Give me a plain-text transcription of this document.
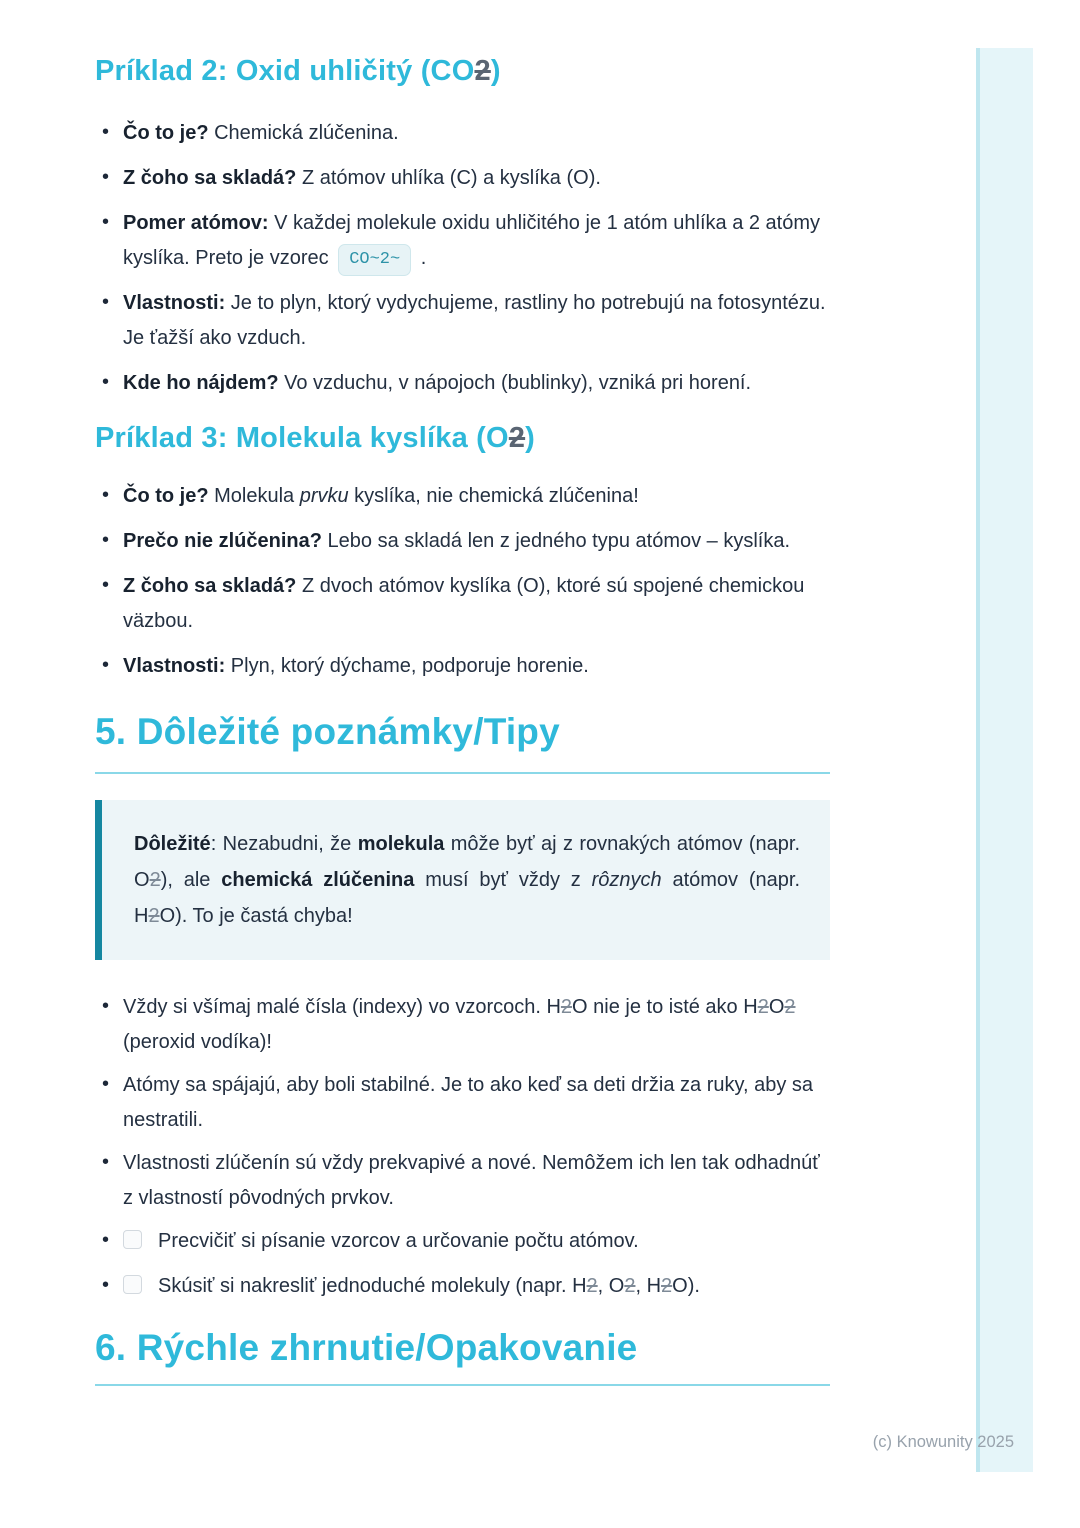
Príklad 2: Oxid uhličitý (CO2)
• Čo to je? Chemická zlúčenina.
• Z čoho sa skladá? Z atómov uhlíka (C) a kyslíka (O).
• Pomer atómov: V každej molekule oxidu uhličitého je 1 atóm uhlíka a 2 atómy kyslíka. Preto je vzorec CO~2~ .
• Vlastnosti: Je to plyn, ktorý vydychujeme, rastliny ho potrebujú na fotosyntézu. Je ťažší ako vzduch.
• Kde ho nájdem? Vo vzduchu, v nápojoch (bublinky), vzniká pri horení.
Príklad 3: Molekula kyslíka (O2)
• Čo to je? Molekula prvku kyslíka, nie chemická zlúčenina!
• Prečo nie zlúčenina? Lebo sa skladá len z jedného typu atómov – kyslíka.
• Z čoho sa skladá? Z dvoch atómov kyslíka (O), ktoré sú spojené chemickou väzbou.
• Vlastnosti: Plyn, ktorý dýchame, podporuje horenie.
5. Dôležité poznámky/Tipy
Dôležité: Nezabudni, že molekula môže byť aj z rovnakých atómov (napr. O2), ale chemická zlúčenina musí byť vždy z rôznych atómov (napr. H2O). To je častá chyba!
• Vždy si všímaj malé čísla (indexy) vo vzorcoch. H2O nie je to isté ako H2O2 (peroxid vodíka)!
• Atómy sa spájajú, aby boli stabilné. Je to ako keď sa deti držia za ruky, aby sa nestratili.
• Vlastnosti zlúčenín sú vždy prekvapivé a nové. Nemôžem ich len tak odhadnúť z vlastností pôvodných prvkov.
• Precvičiť si písanie vzorcov a určovanie počtu atómov.
• Skúsiť si nakresliť jednoduché molekuly (napr. H2, O2, H2O).
6. Rýchle zhrnutie/Opakovanie
(c) Knowunity 2025
